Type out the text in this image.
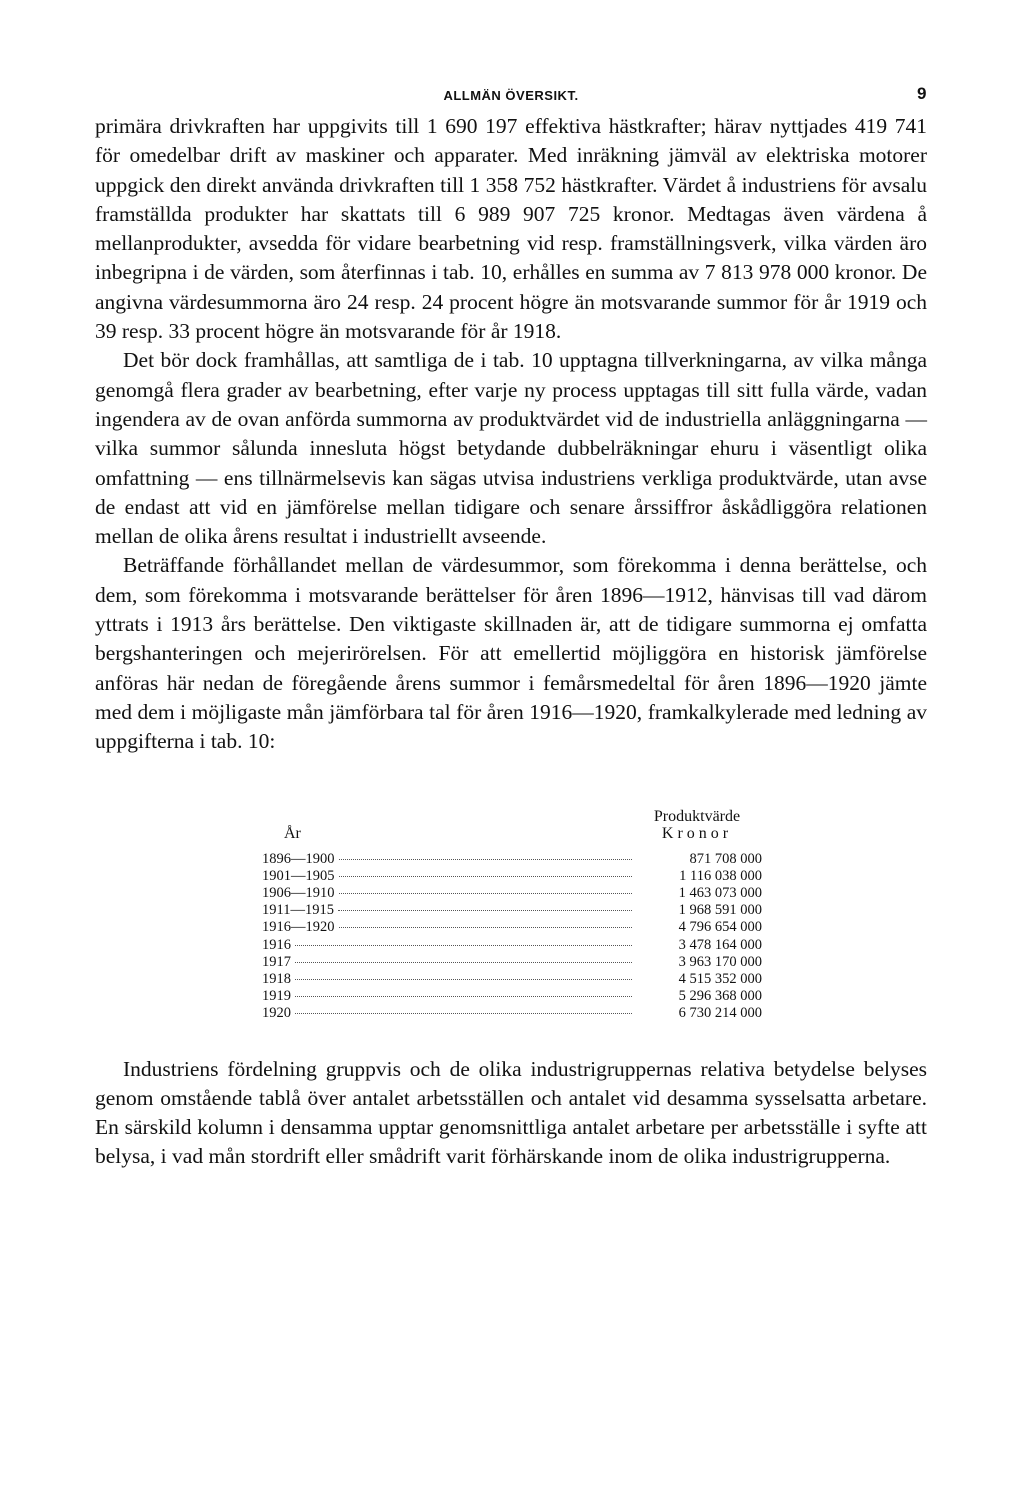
ALLMÄN ÖVERSIKT.	9

primära drivkraften har uppgivits till 1 690 197 effektiva hästkrafter; härav nyttjades 419 741 för omedelbar drift av maskiner och apparater. Med inräkning jämväl av elektriska motorer uppgick den direkt använda drivkraften till 1 358 752 hästkrafter. Värdet å industriens för avsalu framställda produkter har skattats till 6 989 907 725 kronor. Medtagas även värdena å mellanprodukter, avsedda för vidare bearbetning vid resp. framställningsverk, vilka värden äro inbegripna i de värden, som återfinnas i tab. 10, erhålles en summa av 7 813 978 000 kronor. De angivna värdesummorna äro 24 resp. 24 procent högre än motsvarande summor för år 1919 och 39 resp. 33 procent högre än motsvarande för år 1918.

Det bör dock framhållas, att samtliga de i tab. 10 upptagna tillverkningarna, av vilka många genomgå flera grader av bearbetning, efter varje ny process upptagas till sitt fulla värde, vadan ingendera av de ovan anförda summorna av produktvärdet vid de industriella anläggningarna — vilka summor sålunda innesluta högst betydande dubbelräkningar ehuru i väsentligt olika omfattning — ens tillnärmelsevis kan sägas utvisa industriens verkliga produktvärde, utan avse de endast att vid en jämförelse mellan tidigare och senare årssiffror åskådliggöra relationen mellan de olika årens resultat i industriellt avseende.

Beträffande förhållandet mellan de värdesummor, som förekomma i denna berättelse, och dem, som förekomma i motsvarande berättelser för åren 1896—1912, hänvisas till vad därom yttrats i 1913 års berättelse. Den viktigaste skillnaden är, att de tidigare summorna ej omfatta bergshanteringen och mejerirörelsen. För att emellertid möjliggöra en historisk jämförelse anföras här nedan de föregående årens summor i femårsmedeltal för åren 1896—1920 jämte med dem i möjligaste mån jämförbara tal för åren 1916—1920, framkalkylerade med ledning av uppgifterna i tab. 10:

År
Produktvärde
Kronor
1896—1900	871 708 000
1901—1905	1 116 038 000
1906—1910	1 463 073 000
1911—1915	1 968 591 000
1916—1920	4 796 654 000
1916	3 478 164 000
1917	3 963 170 000
1918	4 515 352 000
1919	5 296 368 000
1920	6 730 214 000

Industriens fördelning gruppvis och de olika industrigruppernas relativa betydelse belyses genom omstående tablå över antalet arbetsställen och antalet vid desamma sysselsatta arbetare. En särskild kolumn i densamma upptar genomsnittliga antalet arbetare per arbetsställe i syfte att belysa, i vad mån stordrift eller smådrift varit förhärskande inom de olika industrigrupperna.
